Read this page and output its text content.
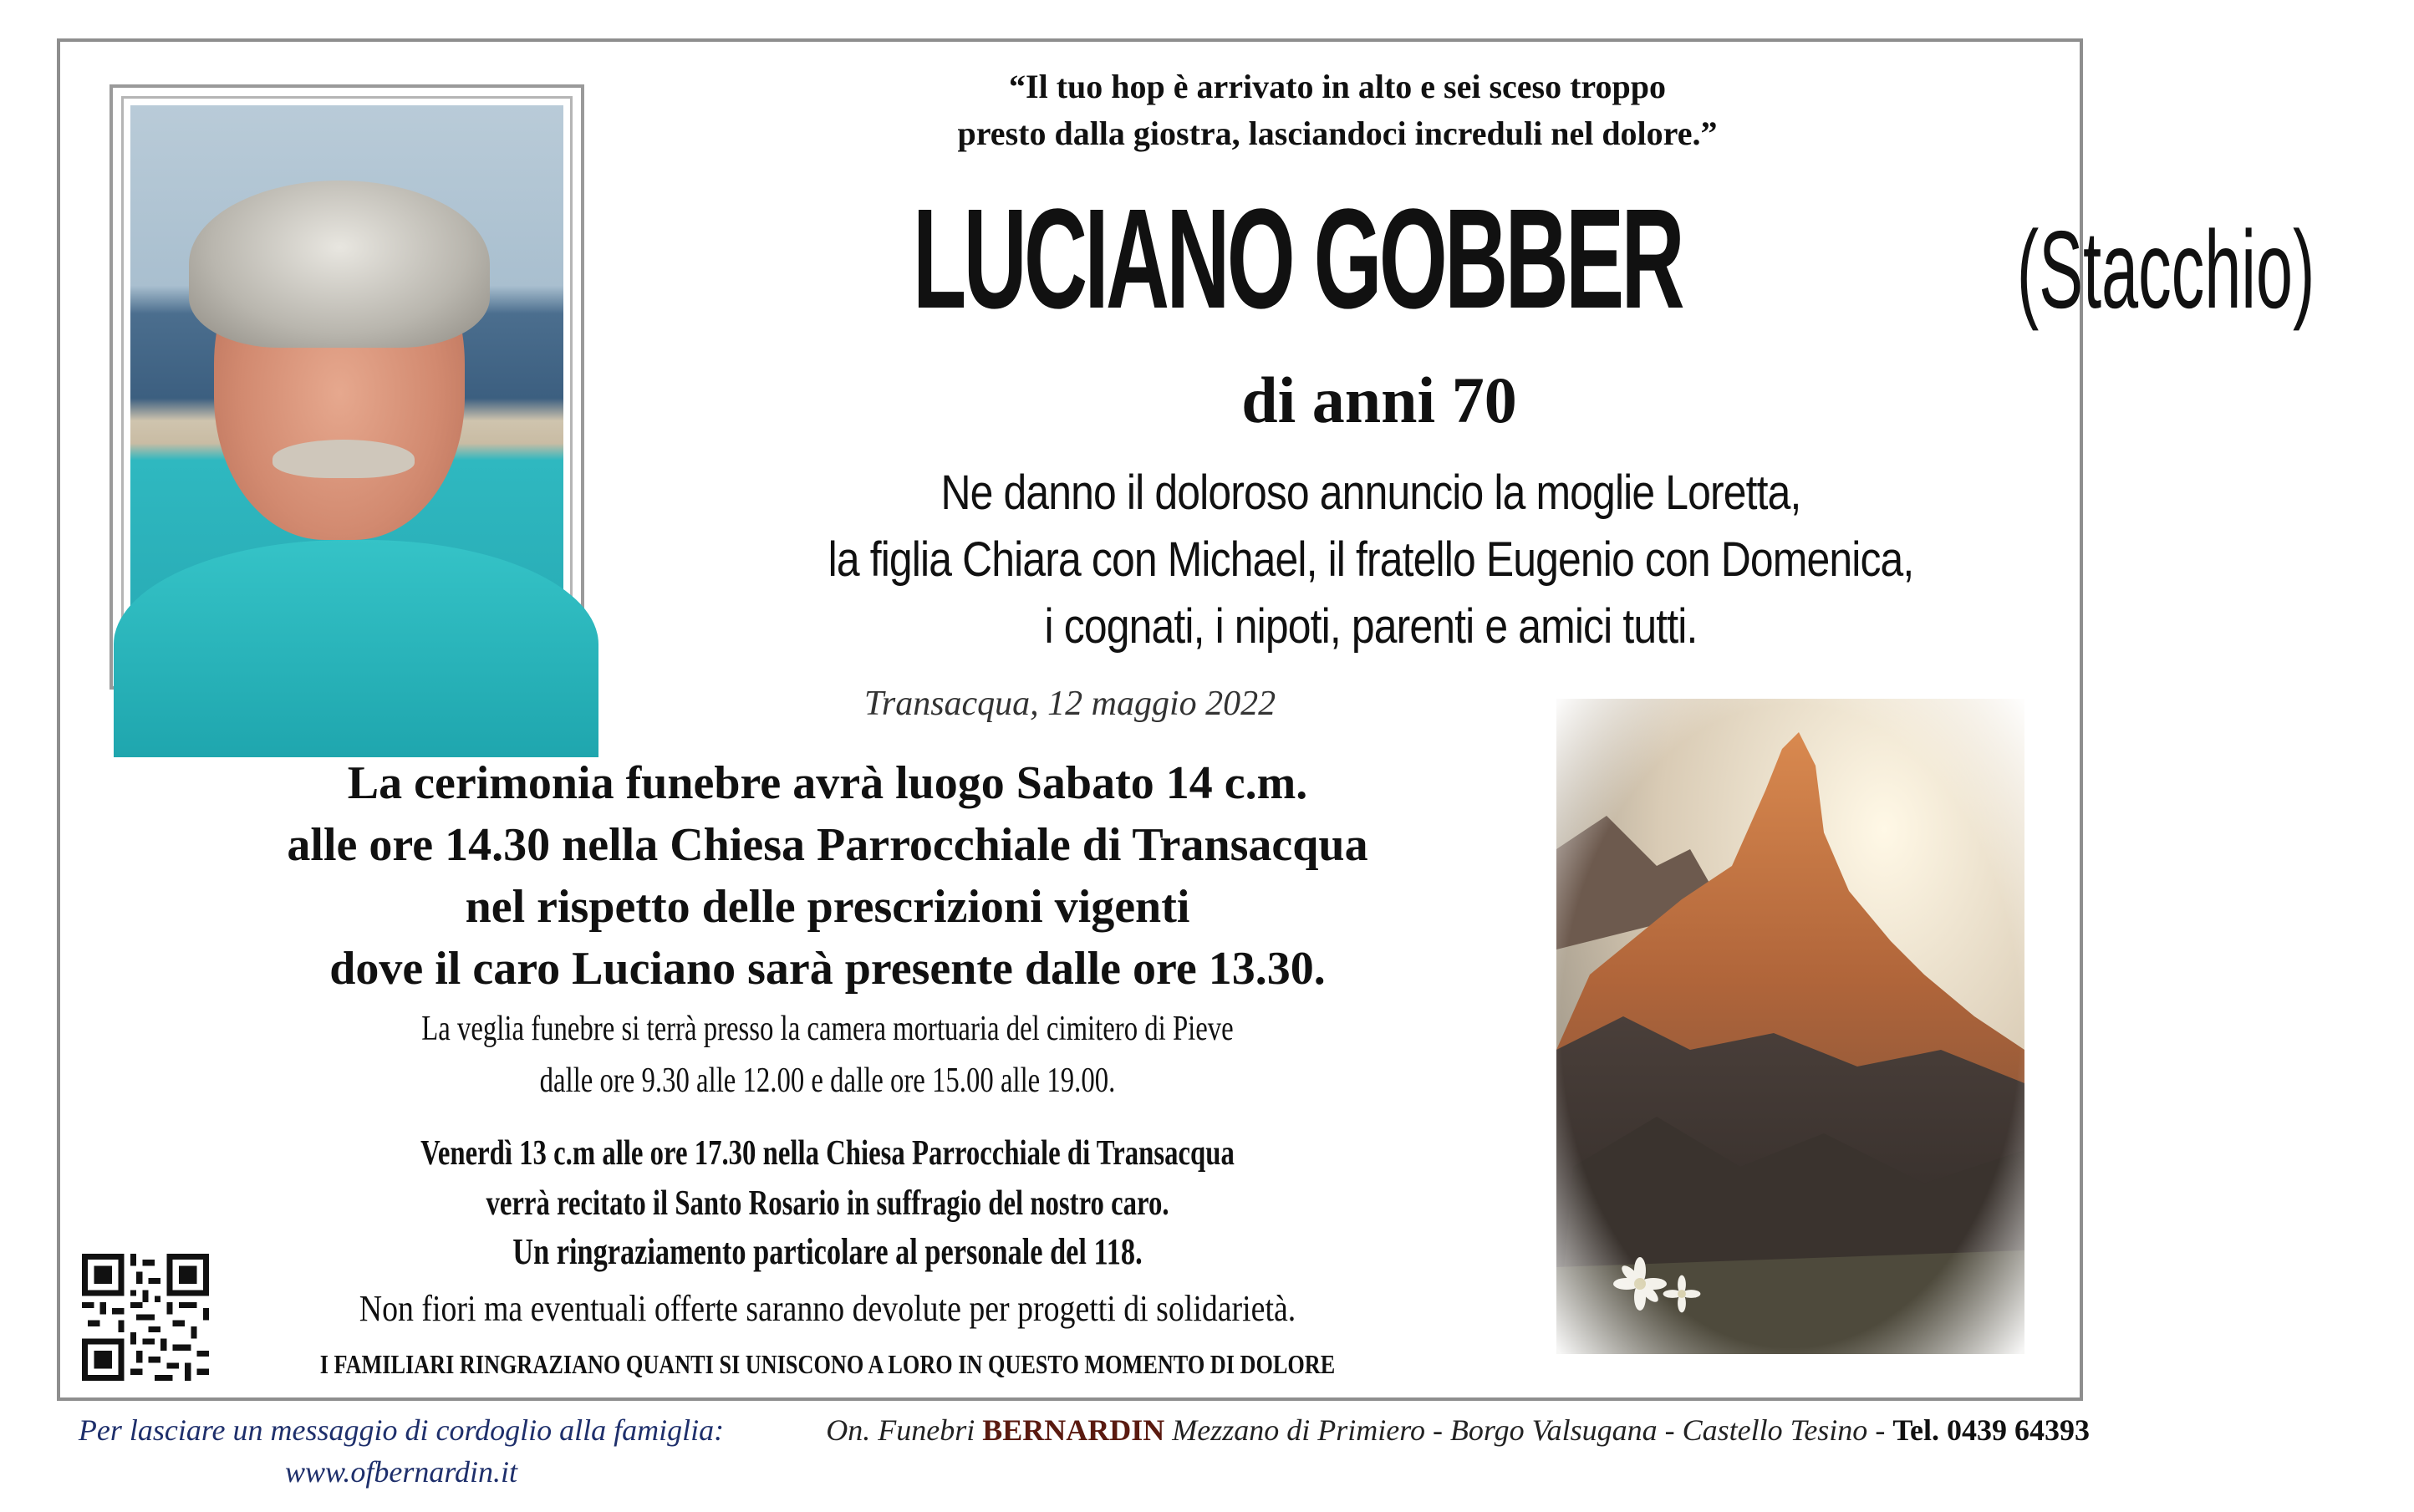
“Il tuo hop è arrivato in alto e sei sceso troppo
presto dalla giostra, lasciandoci increduli nel dolore.”
LUCIANO GOBBER	(Stacchio)
di anni 70
Ne danno il doloroso annuncio la moglie Loretta,
la figlia Chiara con Michael, il fratello Eugenio con Domenica,
i cognati, i nipoti, parenti e amici tutti.
Transacqua, 12 maggio 2022
La cerimonia funebre avrà luogo Sabato 14 c.m.
alle ore 14.30 nella Chiesa Parrocchiale di Transacqua
nel rispetto delle prescrizioni vigenti
dove il caro Luciano sarà presente dalle ore 13.30.
La veglia funebre si terrà presso la camera mortuaria del cimitero di Pieve
dalle ore 9.30 alle 12.00 e dalle ore 15.00 alle 19.00.
Venerdì 13 c.m alle ore 17.30 nella Chiesa Parrocchiale di Transacqua
verrà recitato il Santo Rosario in suffragio del nostro caro.
Un ringraziamento particolare al personale del 118.
Non fiori ma eventuali offerte saranno devolute per progetti di solidarietà.
I FAMILIARI RINGRAZIANO QUANTI SI UNISCONO A LORO IN QUESTO MOMENTO DI DOLORE
Per lasciare un messaggio di cordoglio alla famiglia:
www.ofbernardin.it
On. Funebri BERNARDIN Mezzano di Primiero - Borgo Valsugana - Castello Tesino - Tel. 0439 64393
